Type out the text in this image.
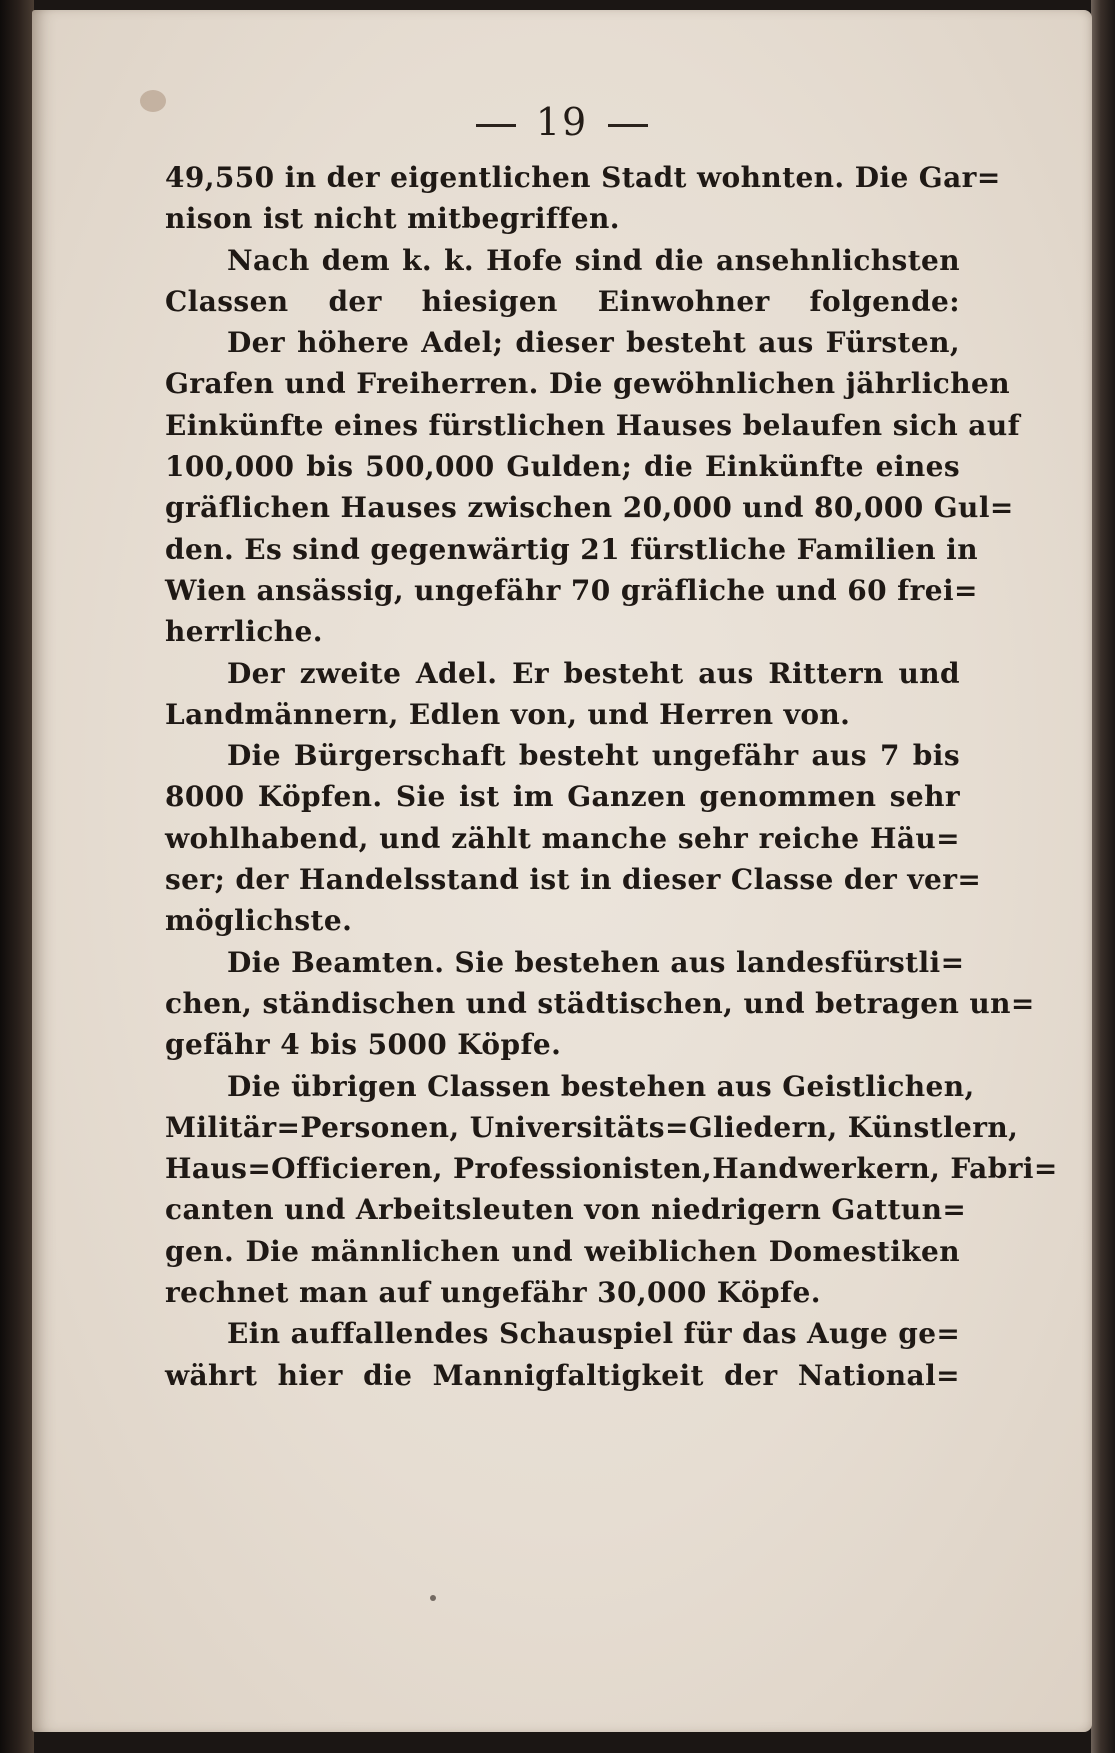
19
49,550 in der eigentlichen Stadt wohnten. Die Gar=
nison ist nicht mitbegriffen.
Nach dem k. k. Hofe sind die ansehnlichsten
Classen der hiesigen Einwohner folgende:
Der höhere Adel; dieser besteht aus Fürsten,
Grafen und Freiherren. Die gewöhnlichen jährlichen
Einkünfte eines fürstlichen Hauses belaufen sich auf
100,000 bis 500,000 Gulden; die Einkünfte eines
gräflichen Hauses zwischen 20,000 und 80,000 Gul=
den. Es sind gegenwärtig 21 fürstliche Familien in
Wien ansässig, ungefähr 70 gräfliche und 60 frei=
herrliche.
Der zweite Adel. Er besteht aus Rittern und
Landmännern, Edlen von, und Herren von.
Die Bürgerschaft besteht ungefähr aus 7 bis
8000 Köpfen. Sie ist im Ganzen genommen sehr
wohlhabend, und zählt manche sehr reiche Häu=
ser; der Handelsstand ist in dieser Classe der ver=
möglichste.
Die Beamten. Sie bestehen aus landesfürstli=
chen, ständischen und städtischen, und betragen un=
gefähr 4 bis 5000 Köpfe.
Die übrigen Classen bestehen aus Geistlichen,
Militär=Personen, Universitäts=Gliedern, Künstlern,
Haus=Officieren, Professionisten,Handwerkern, Fabri=
canten und Arbeitsleuten von niedrigern Gattun=
gen. Die männlichen und weiblichen Domestiken
rechnet man auf ungefähr 30,000 Köpfe.
Ein auffallendes Schauspiel für das Auge ge=
währt hier die Mannigfaltigkeit der National=
